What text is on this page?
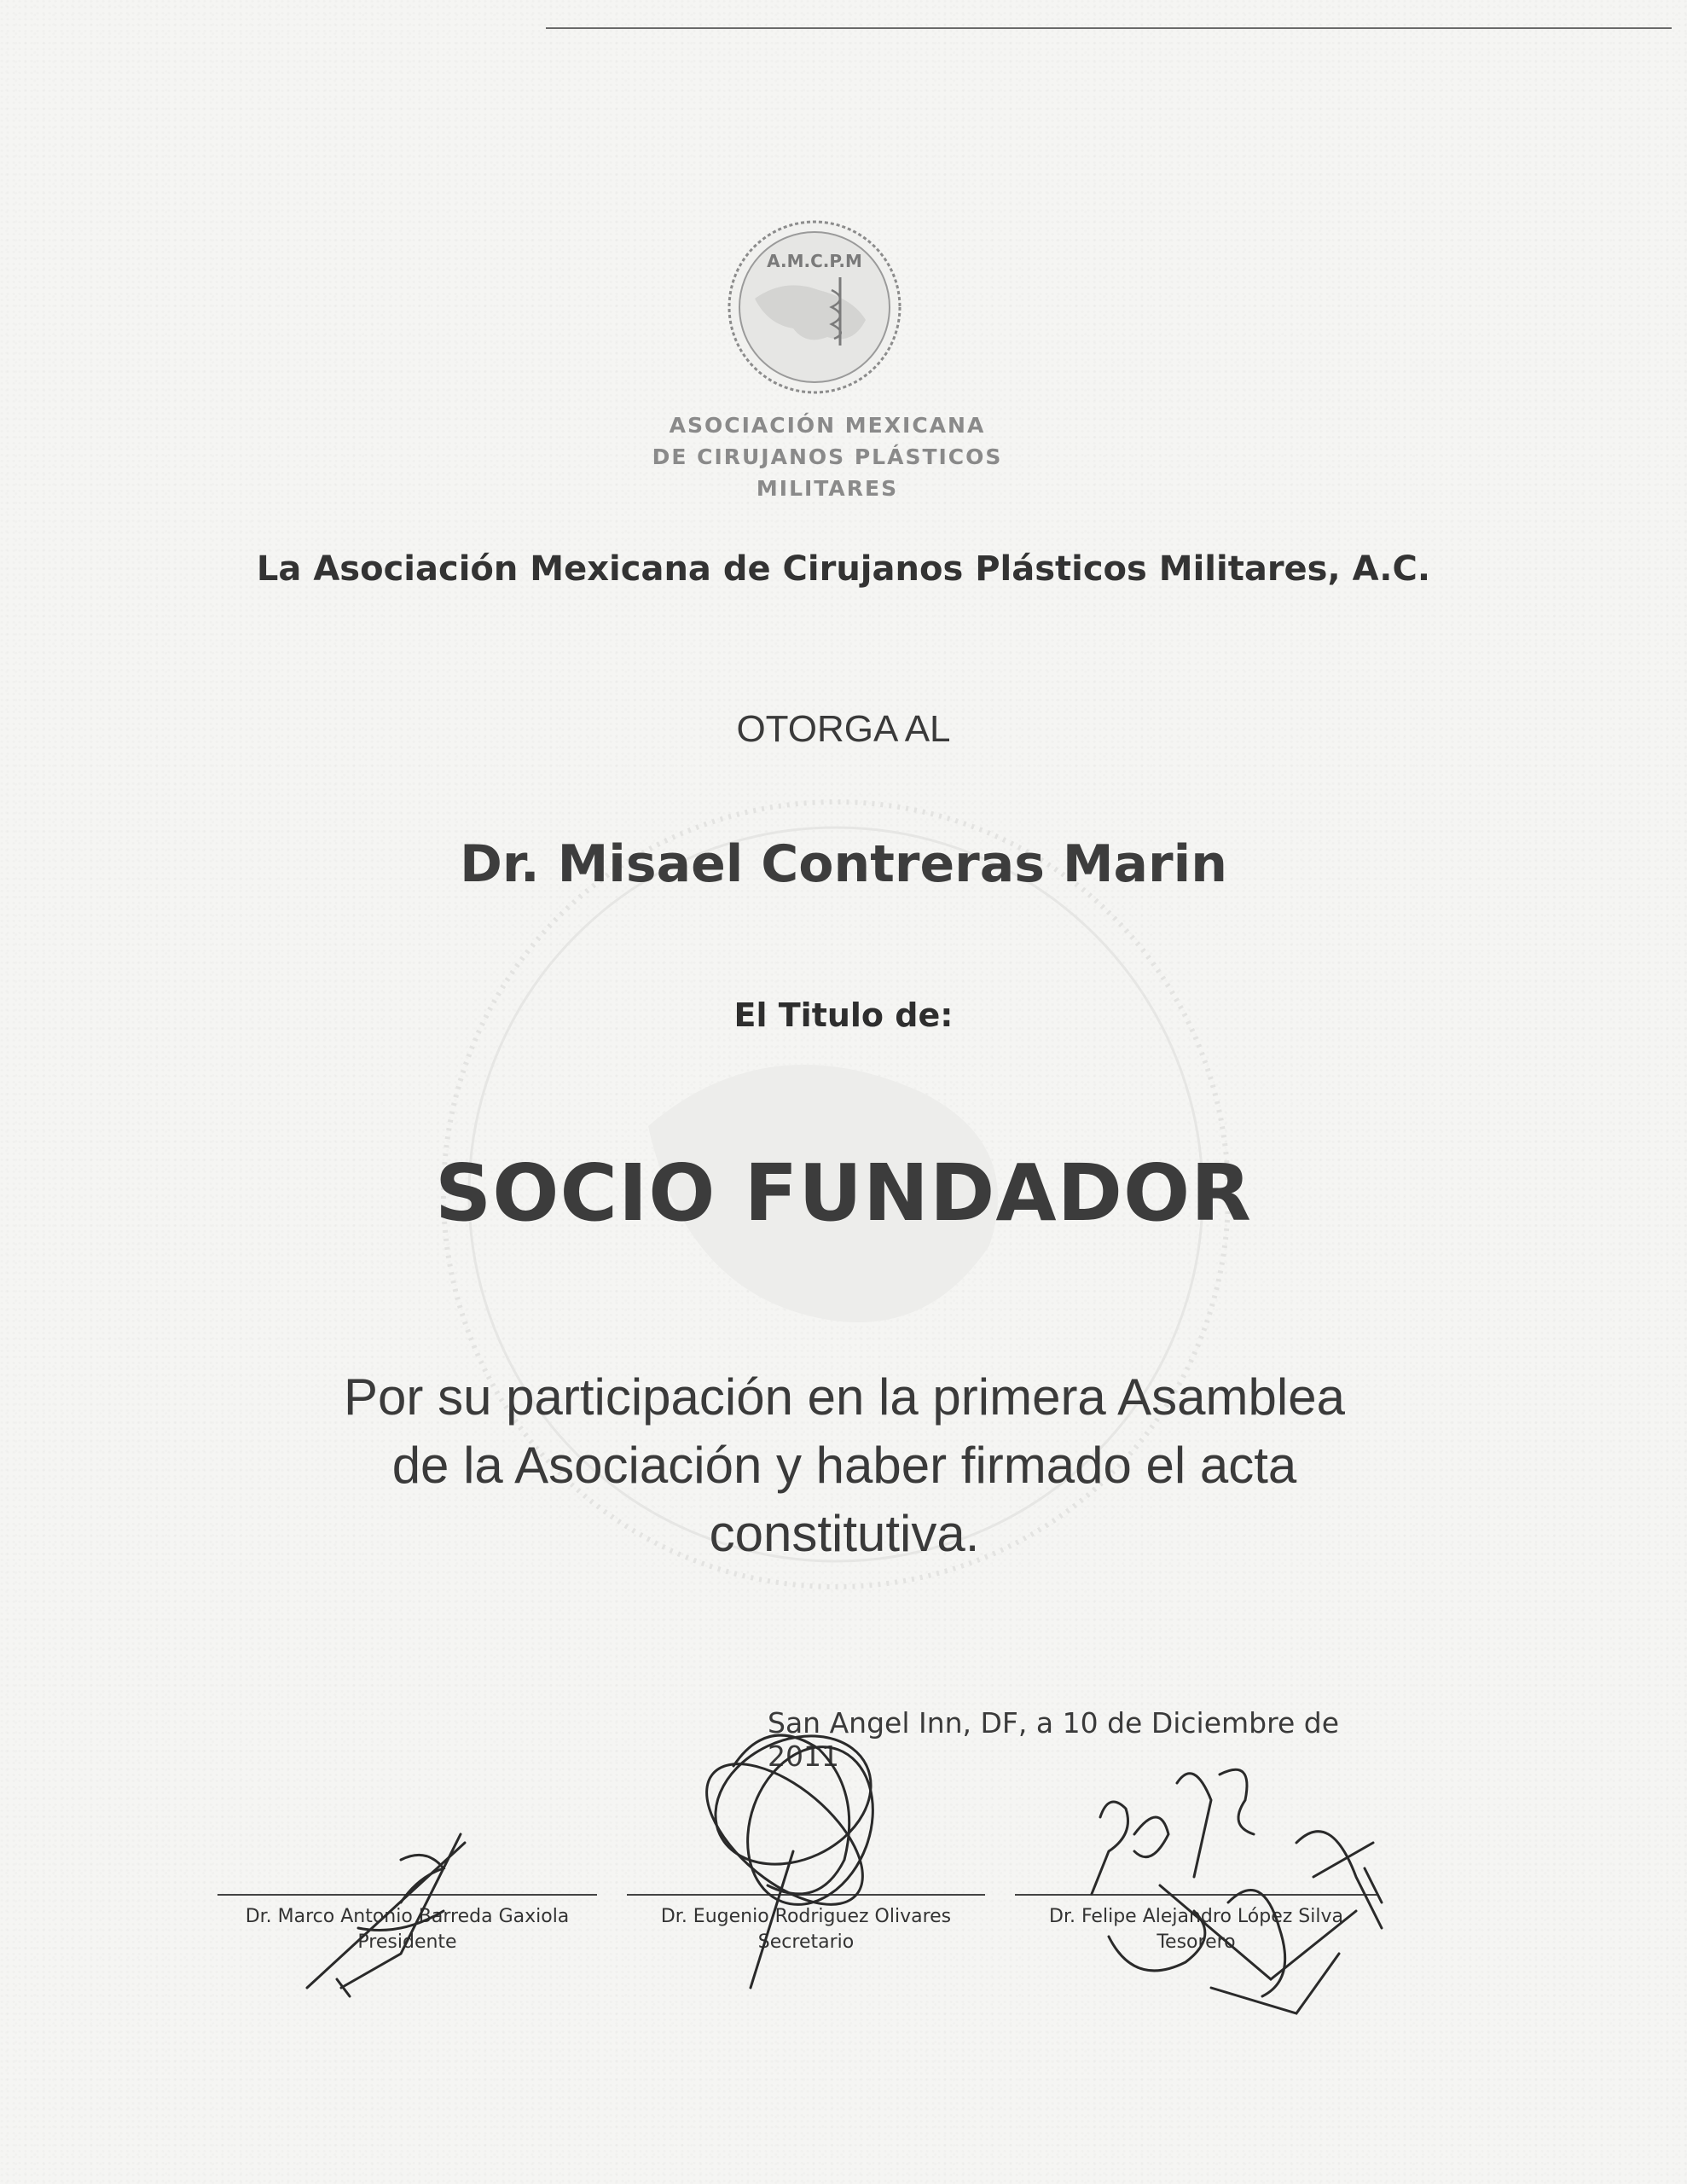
A.M.C.P.M
ASOCIACIÓN MEXICANA
DE CIRUJANOS PLÁSTICOS
MILITARES
La Asociación Mexicana de Cirujanos Plásticos Militares, A.C.
OTORGA AL
Dr. Misael Contreras Marin
El Titulo de:
SOCIO FUNDADOR
Por su participación en la primera Asamblea
de la Asociación y haber firmado el acta
constitutiva.
San Angel Inn, DF, a 10 de Diciembre de 2011
Dr. Marco Antonio Barreda Gaxiola
Presidente
Dr. Eugenio Rodriguez Olivares
Secretario
Dr. Felipe Alejandro López Silva
Tesorero
